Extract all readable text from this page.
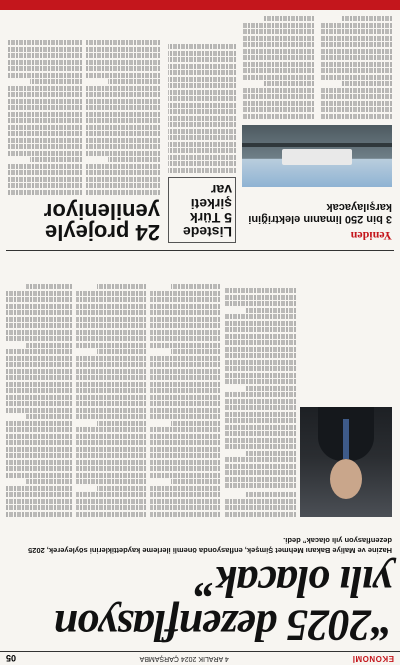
EKONOMİ
4 ARALIK 2024 ÇARŞAMBA
05
“2025 dezenflasyon yılı olacak”
Hazine ve Maliye Bakanı Mehmet Şimşek, enflasyonda önemli ilerleme kaydettiklerini söyleyerek, 2025 dezenflasyon yılı olacak” dedi.
Yeniden
3 bin 250 limanın elektriğini karşılayacak
Listede 5 Türk şirketi var
24 projeyle yenileniyor
